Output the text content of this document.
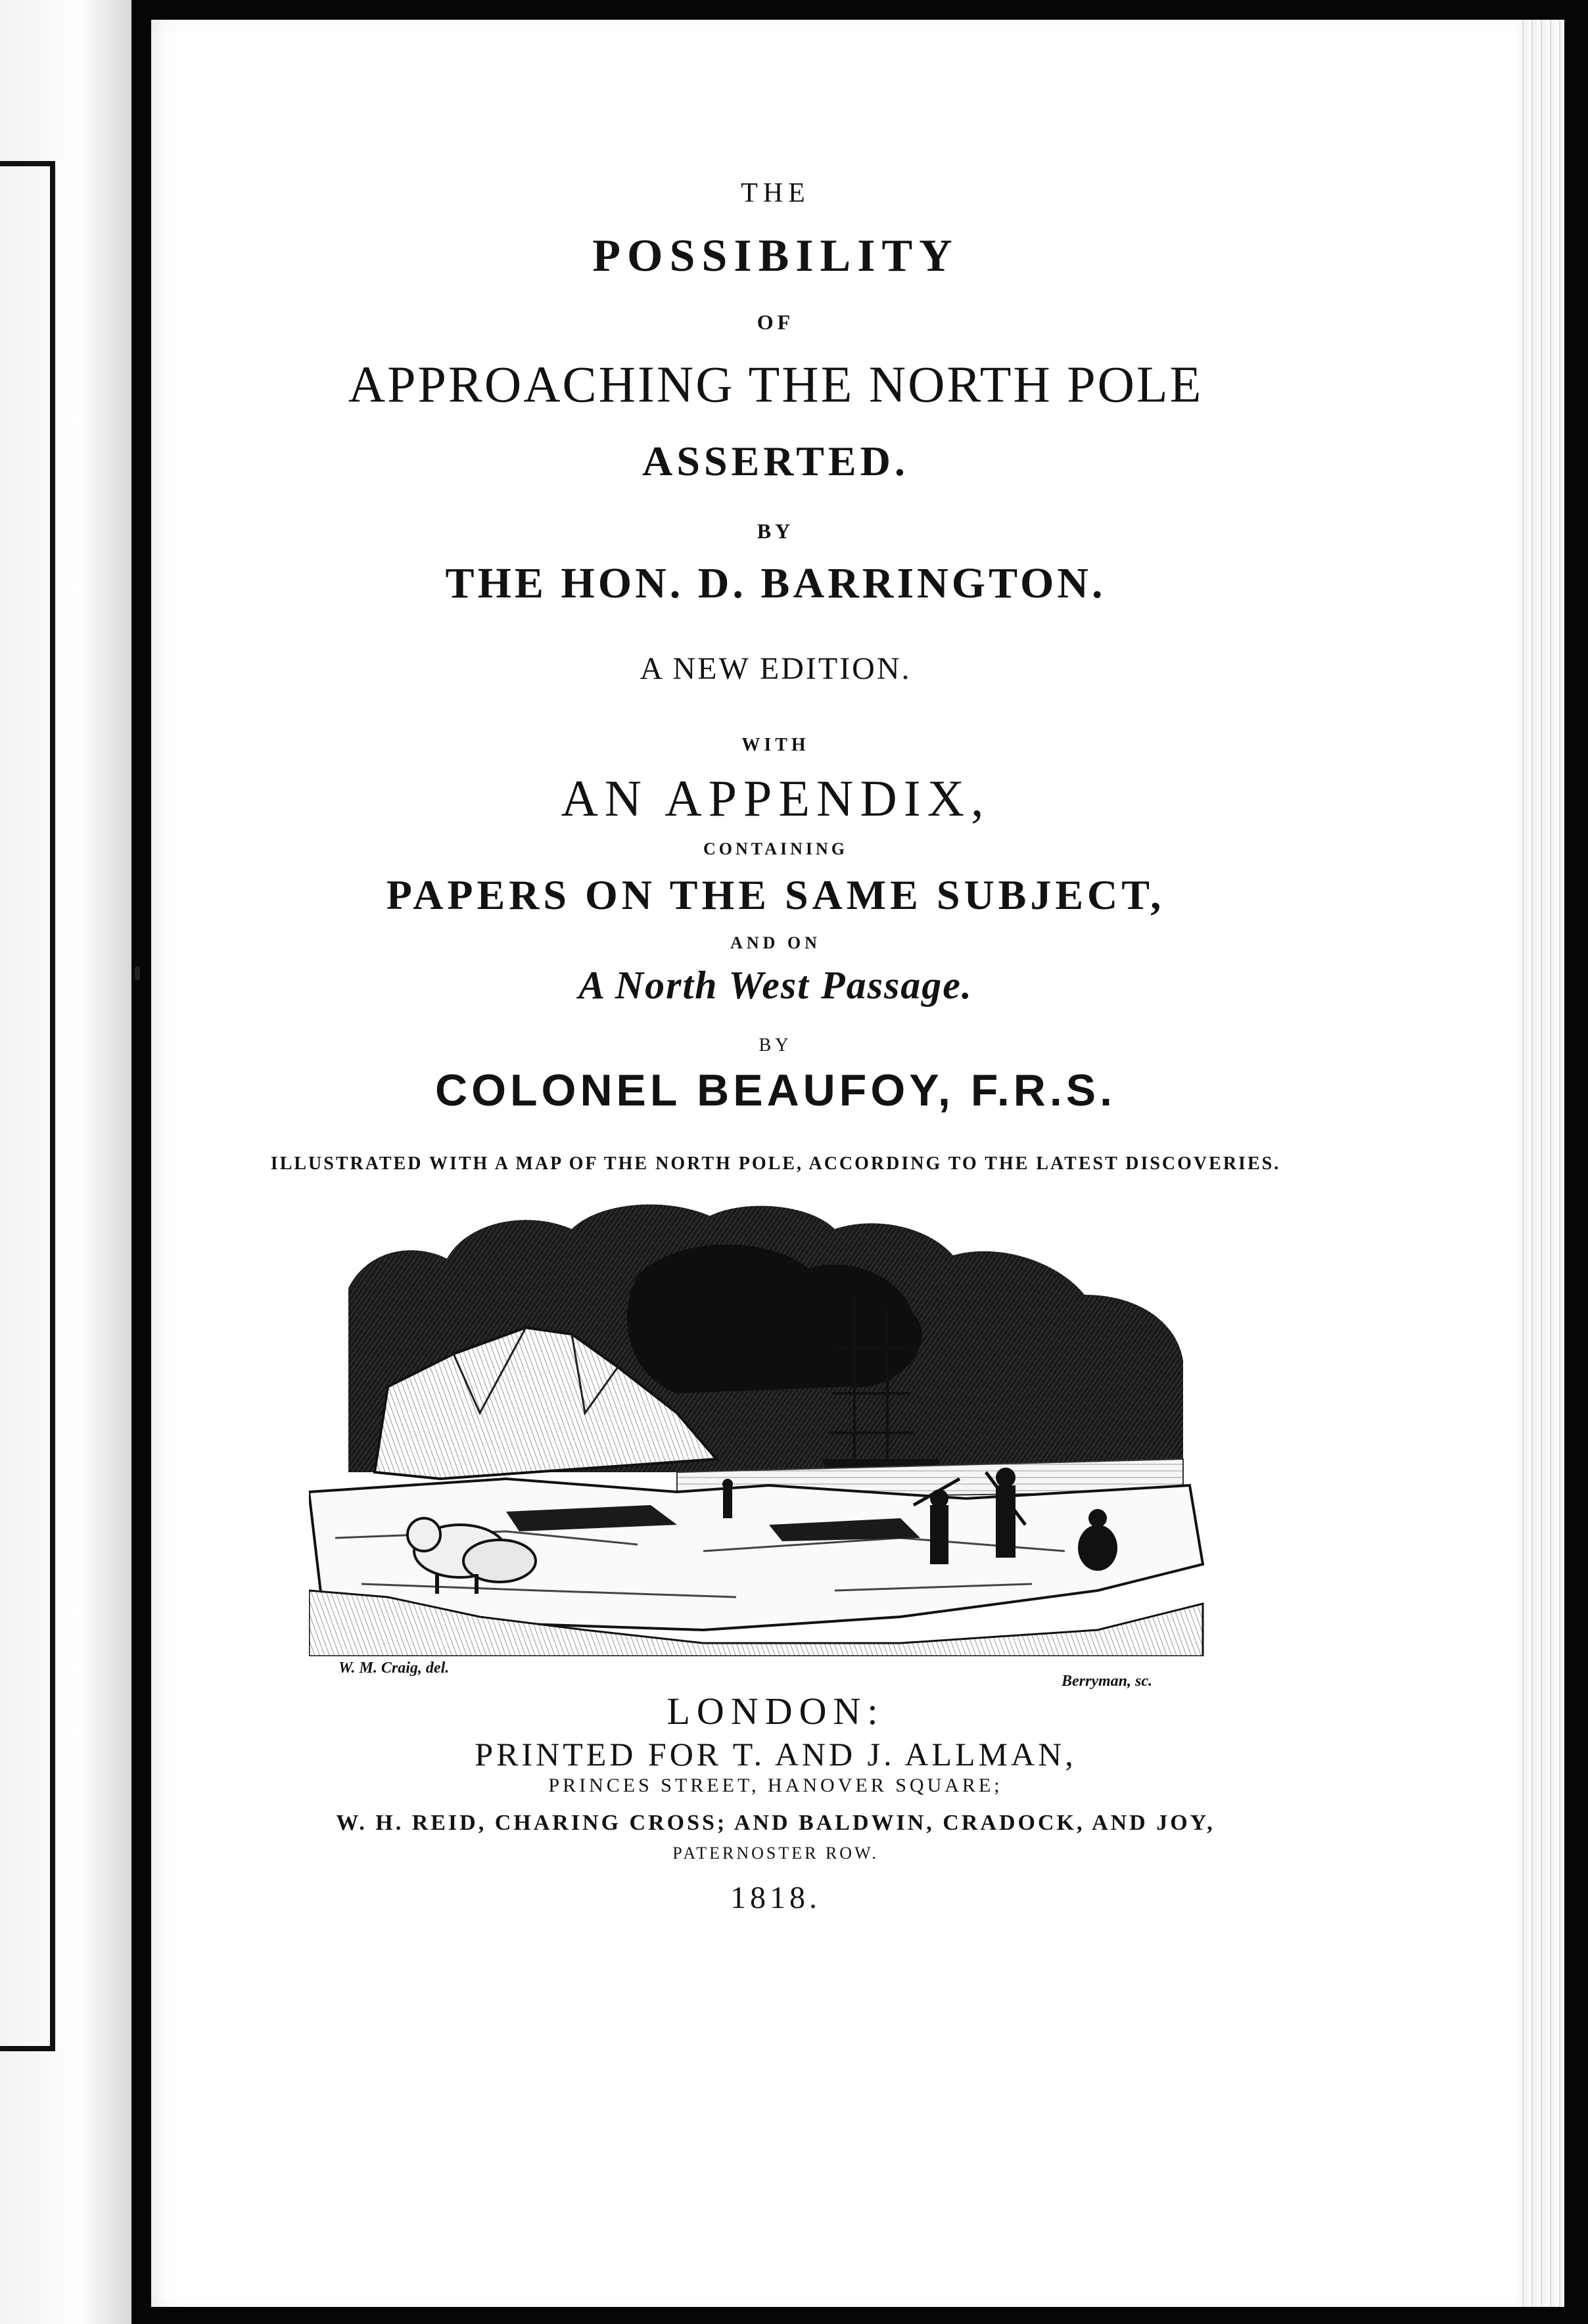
THE
POSSIBILITY
OF
APPROACHING THE NORTH POLE
ASSERTED.
BY
THE HON. D. BARRINGTON.
A NEW EDITION.
WITH
AN APPENDIX,
CONTAINING
PAPERS ON THE SAME SUBJECT,
AND ON
A North West Passage.
BY
COLONEL BEAUFOY, F.R.S.
ILLUSTRATED WITH A MAP OF THE NORTH POLE, ACCORDING TO THE LATEST DISCOVERIES.
W. M. Craig, del.
Berryman, sc.
LONDON:
PRINTED FOR T. AND J. ALLMAN,
PRINCES STREET, HANOVER SQUARE;
W. H. REID, CHARING CROSS; AND BALDWIN, CRADOCK, AND JOY,
PATERNOSTER ROW.
1818.
